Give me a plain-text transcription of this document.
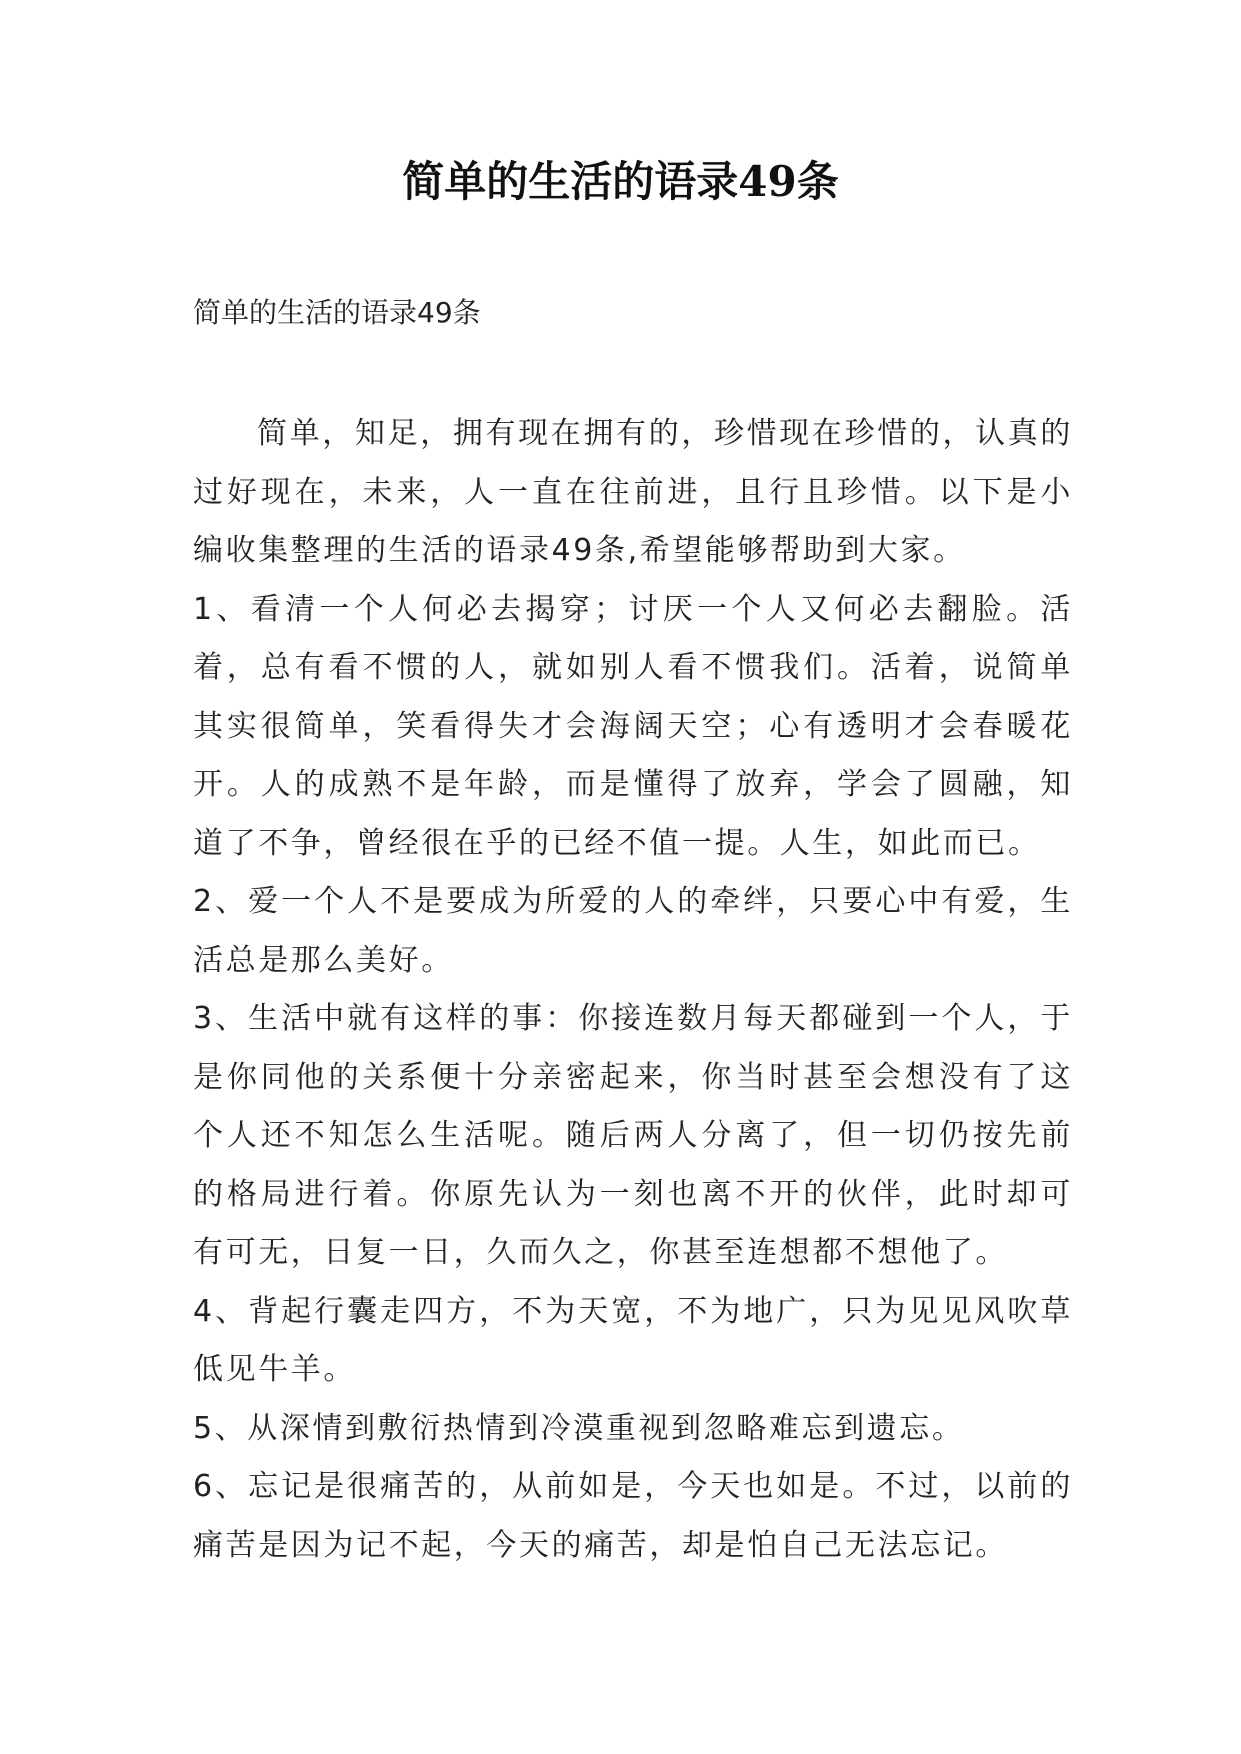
简单的生活的语录49条

简单的生活的语录49条

简单，知足，拥有现在拥有的，珍惜现在珍惜的，认真的过好现在，未来，人一直在往前进，且行且珍惜。以下是小编收集整理的生活的语录49条,希望能够帮助到大家。

1、看清一个人何必去揭穿；讨厌一个人又何必去翻脸。活着，总有看不惯的人，就如别人看不惯我们。活着，说简单其实很简单，笑看得失才会海阔天空；心有透明才会春暖花开。人的成熟不是年龄，而是懂得了放弃，学会了圆融，知道了不争，曾经很在乎的已经不值一提。人生，如此而已。

2、爱一个人不是要成为所爱的人的牵绊，只要心中有爱，生活总是那么美好。

3、生活中就有这样的事：你接连数月每天都碰到一个人，于是你同他的关系便十分亲密起来，你当时甚至会想没有了这个人还不知怎么生活呢。随后两人分离了，但一切仍按先前的格局进行着。你原先认为一刻也离不开的伙伴，此时却可有可无，日复一日，久而久之，你甚至连想都不想他了。

4、背起行囊走四方，不为天宽，不为地广，只为见见风吹草低见牛羊。

5、从深情到敷衍热情到冷漠重视到忽略难忘到遗忘。

6、忘记是很痛苦的，从前如是，今天也如是。不过，以前的痛苦是因为记不起，今天的痛苦，却是怕自己无法忘记。
